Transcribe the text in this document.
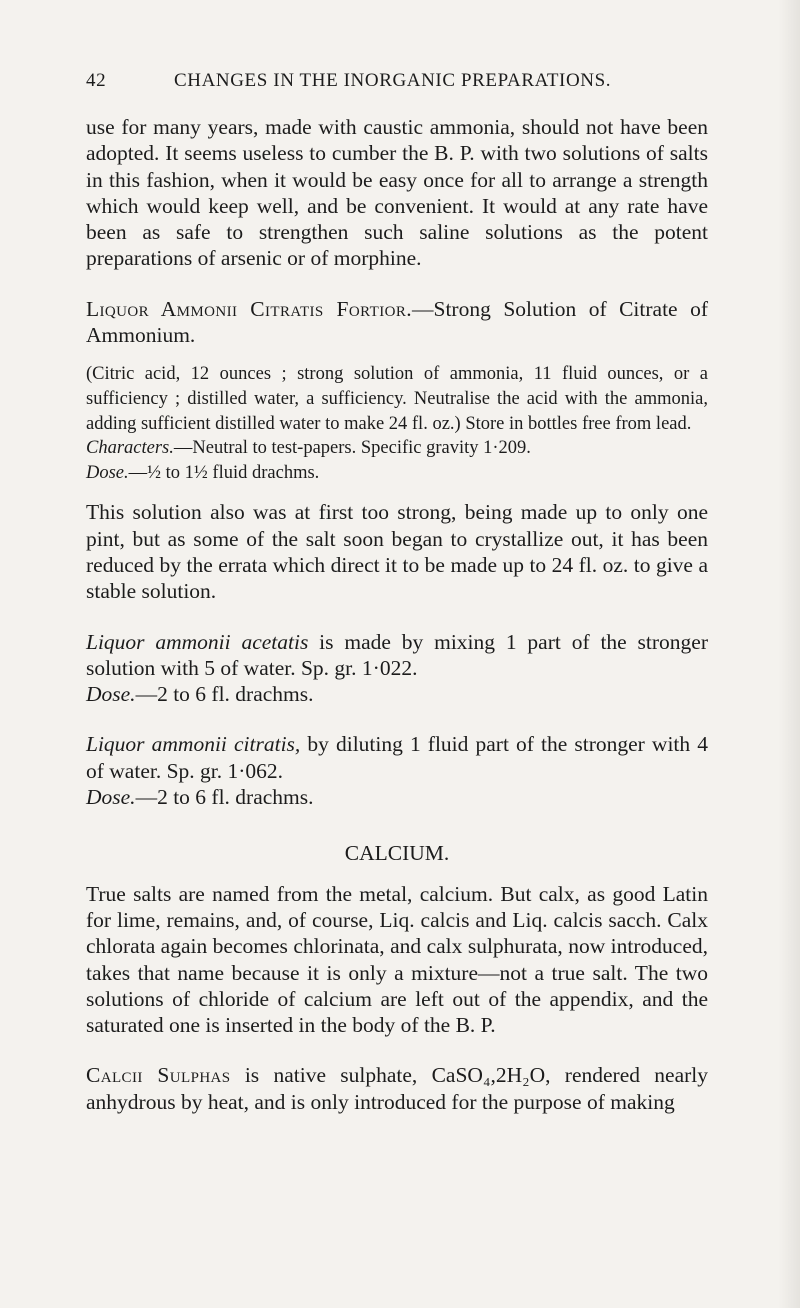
42	CHANGES IN THE INORGANIC PREPARATIONS.

use for many years, made with caustic ammonia, should not have been adopted. It seems useless to cumber the B. P. with two solutions of salts in this fashion, when it would be easy once for all to arrange a strength which would keep well, and be convenient. It would at any rate have been as safe to strengthen such saline solutions as the potent preparations of arsenic or of morphine.

Liquor Ammonii Citratis Fortior.—Strong Solution of Citrate of Ammonium.

(Citric acid, 12 ounces ; strong solution of ammonia, 11 fluid ounces, or a sufficiency ; distilled water, a sufficiency. Neutralise the acid with the ammonia, adding sufficient distilled water to make 24 fl. oz.) Store in bottles free from lead.

Characters.—Neutral to test-papers. Specific gravity 1·209.

Dose.—½ to 1½ fluid drachms.

This solution also was at first too strong, being made up to only one pint, but as some of the salt soon began to crystallize out, it has been reduced by the errata which direct it to be made up to 24 fl. oz. to give a stable solution.

Liquor ammonii acetatis is made by mixing 1 part of the stronger solution with 5 of water. Sp. gr. 1·022.

Dose.—2 to 6 fl. drachms.

Liquor ammonii citratis, by diluting 1 fluid part of the stronger with 4 of water. Sp. gr. 1·062.

Dose.—2 to 6 fl. drachms.

CALCIUM.

True salts are named from the metal, calcium. But calx, as good Latin for lime, remains, and, of course, Liq. calcis and Liq. calcis sacch. Calx chlorata again becomes chlorinata, and calx sulphurata, now introduced, takes that name because it is only a mixture—not a true salt. The two solutions of chloride of calcium are left out of the appendix, and the saturated one is inserted in the body of the B. P.

Calcii Sulphas is native sulphate, CaSO₄,2H₂O, rendered nearly anhydrous by heat, and is only introduced for the purpose of making
